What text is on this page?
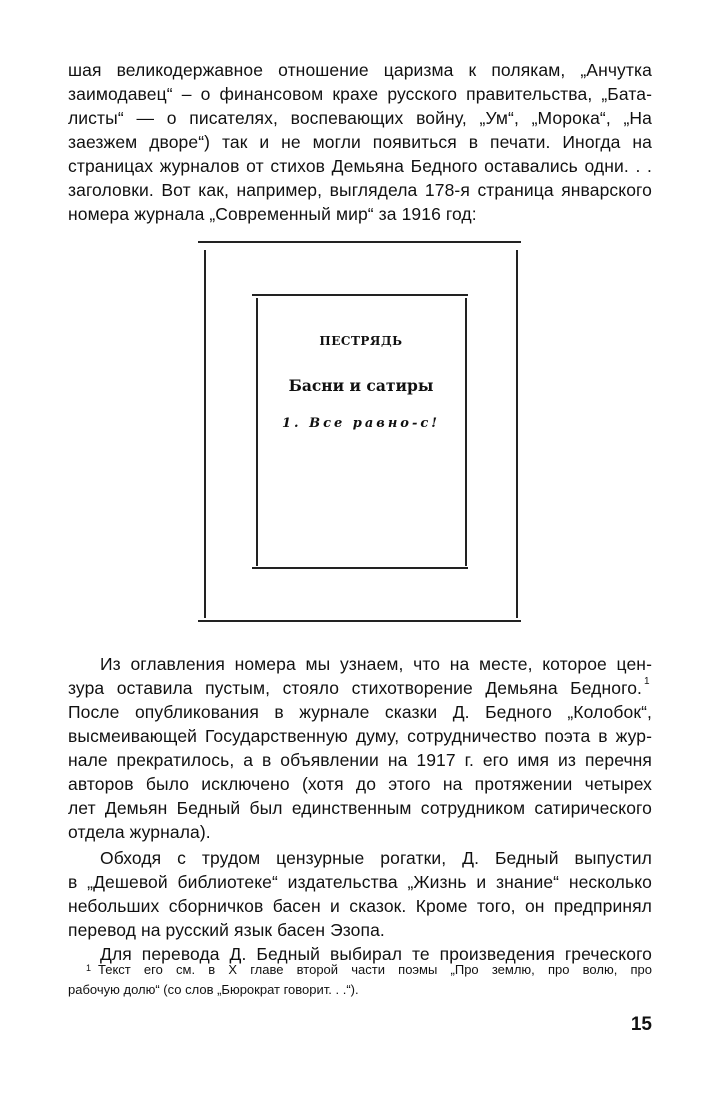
шая великодержавное отношение царизма к полякам, „Анчутка
заимодавец“ – о финансовом крахе русского правительства, „Бата-
листы“ — о писателях, воспевающих войну, „Ум“, „Морока“, „На
заезжем дворе“) так и не могли появиться в печати. Иногда на
страницах журналов от стихов Демьяна Бедного оставались одни. . .
заголовки. Вот как, например, выглядела 178-я страница январского
номера журнала „Современный мир“ за 1916 год:
ПЕСТРЯДЬ
Басни и сатиры
1. Все равно-с!
Из оглавления номера мы узнаем, что на месте, которое цен-
зура оставила пустым, стояло стихотворение Демьяна Бедного. 1
После опубликования в журнале сказки Д. Бедного „Колобок“,
высмеивающей Государственную думу, сотрудничество поэта в жур-
нале прекратилось, а в объявлении на 1917 г. его имя из перечня
авторов было исключено (хотя до этого на протяжении четырех
лет Демьян Бедный был единственным сотрудником сатирического
отдела журнала).
Обходя с трудом цензурные рогатки, Д. Бедный выпустил
в „Дешевой библиотеке“ издательства „Жизнь и знание“ несколько
небольших сборничков басен и сказок. Кроме того, он предпринял
перевод на русский язык басен Эзопа.
Для перевода Д. Бедный выбирал те произведения греческого
1 Текст его см. в X главе второй части поэмы „Про землю, про волю, про
рабочую долю“ (со слов „Бюрократ говорит. . .“).
15
